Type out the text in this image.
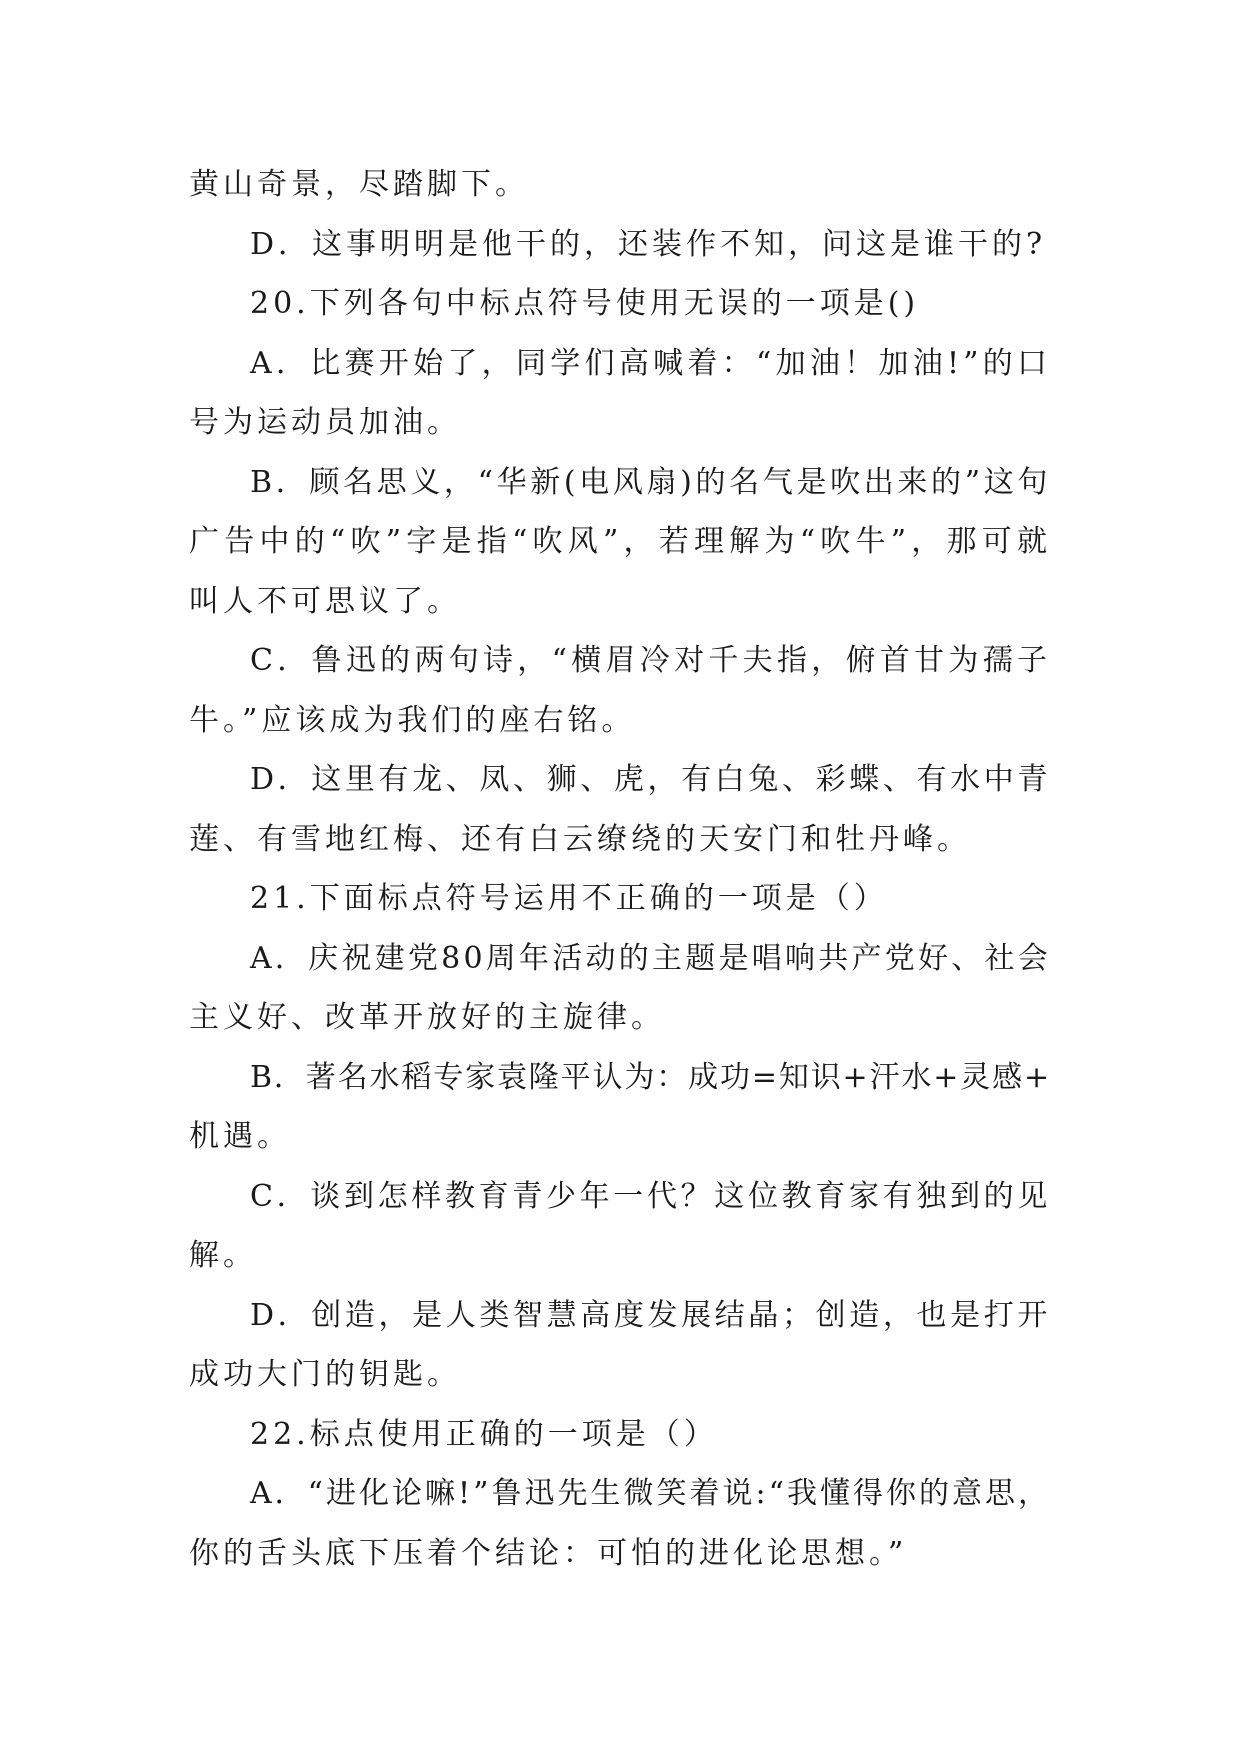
黄山奇景，尽踏脚下。
D．这事明明是他干的，还装作不知，问这是谁干的?
20.下列各句中标点符号使用无误的一项是()
A．比赛开始了，同学们高喊着：“加油！加油!”的口
号为运动员加油。
B．顾名思义，“华新(电风扇)的名气是吹出来的”这句
广告中的“吹”字是指“吹风”，若理解为“吹牛”，那可就
叫人不可思议了。
C．鲁迅的两句诗，“横眉冷对千夫指，俯首甘为孺子
牛。”应该成为我们的座右铭。
D．这里有龙、凤、狮、虎，有白兔、彩蝶、有水中青
莲、有雪地红梅、还有白云缭绕的天安门和牡丹峰。
21.下面标点符号运用不正确的一项是（）
A．庆祝建党80周年活动的主题是唱响共产党好、社会
主义好、改革开放好的主旋律。
B．著名水稻专家袁隆平认为：成功=知识+汗水+灵感+
机遇。
C．谈到怎样教育青少年一代？这位教育家有独到的见
解。
D．创造，是人类智慧高度发展结晶；创造，也是打开
成功大门的钥匙。
22.标点使用正确的一项是（）
A．“进化论嘛!”鲁迅先生微笑着说:“我懂得你的意思，
你的舌头底下压着个结论：可怕的进化论思想。”
